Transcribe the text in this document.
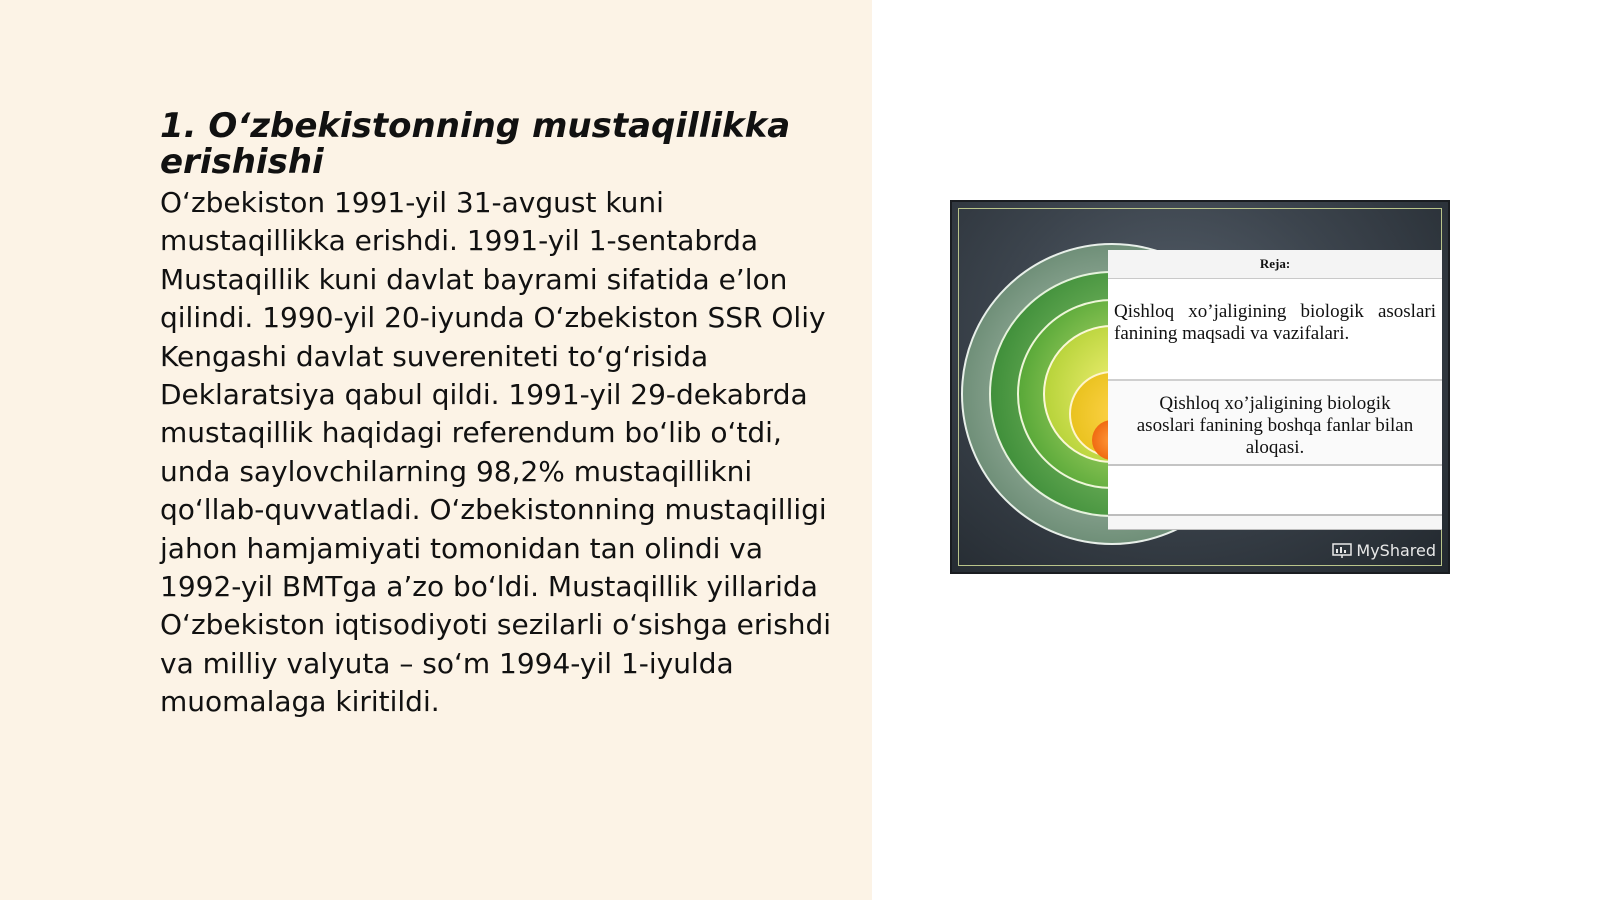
1. O‘zbekistonning mustaqillikka erishishi

O‘zbekiston 1991-yil 31-avgust kuni mustaqillikka erishdi. 1991-yil 1-sentabrda Mustaqillik kuni davlat bayrami sifatida e’lon qilindi. 1990-yil 20-iyunda O‘zbekiston SSR Oliy Kengashi davlat suvereniteti to‘g‘risida Deklaratsiya qabul qildi. 1991-yil 29-dekabrda mustaqillik haqidagi referendum bo‘lib o‘tdi, unda saylovchilarning 98,2% mustaqillikni qo‘llab-quvvatladi. O‘zbekistonning mustaqilligi jahon hamjamiyati tomonidan tan olindi va 1992-yil BMTga a’zo bo‘ldi. Mustaqillik yillarida O‘zbekiston iqtisodiyoti sezilarli o‘sishga erishdi va milliy valyuta – so‘m 1994-yil 1-iyulda muomalaga kiritildi.

Reja:
Qishloq xo’jaligining biologik asoslari fanining maqsadi va vazifalari.
Qishloq xo’jaligining biologik asoslari fanining boshqa fanlar bilan aloqasi.
MyShared
